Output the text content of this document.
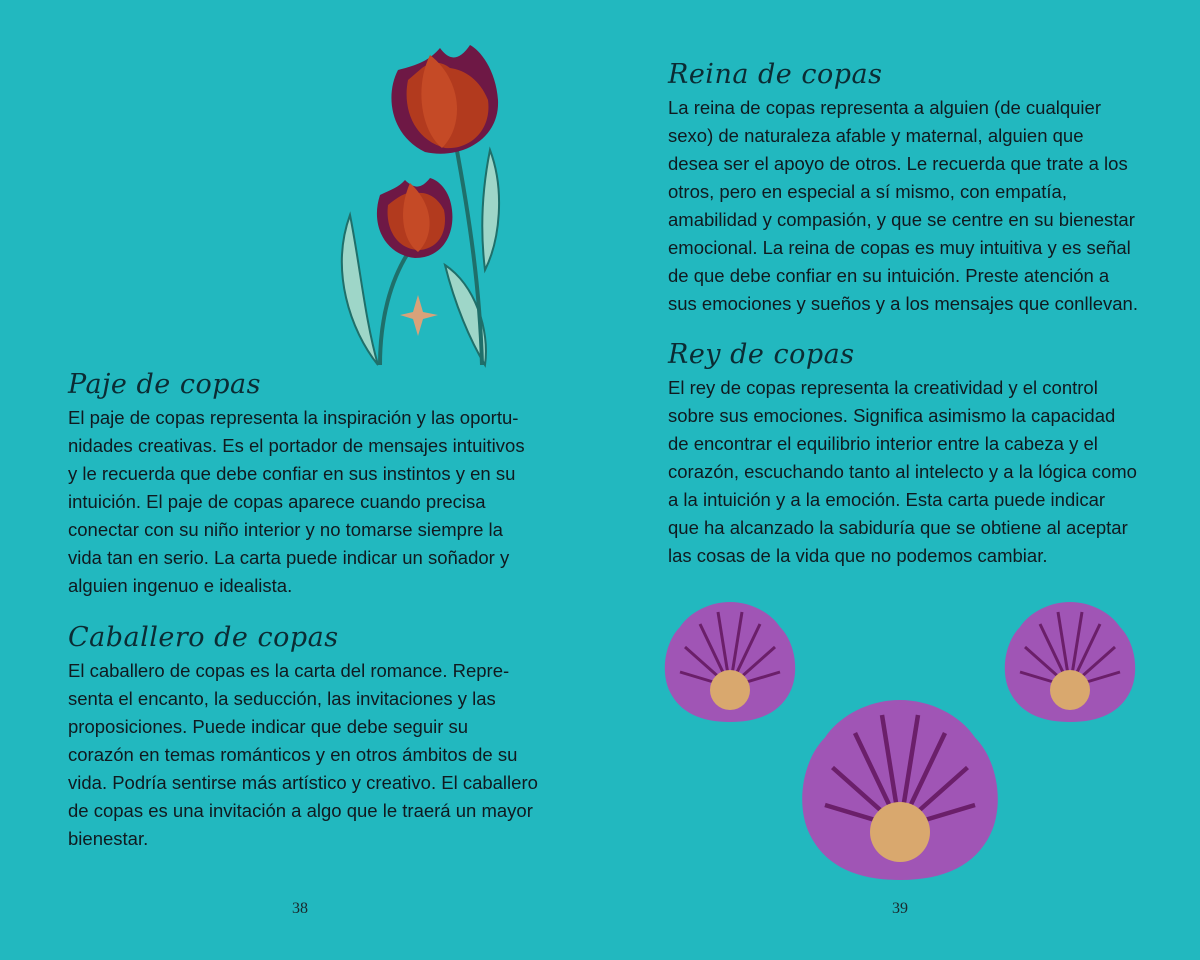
Paje de copas

El paje de copas representa la inspiración y las oportu-nidades creativas. Es el portador de mensajes intuitivos y le recuerda que debe confiar en sus instintos y en su intuición. El paje de copas aparece cuando precisa conectar con su niño interior y no tomarse siempre la vida tan en serio. La carta puede indicar un soñador y alguien ingenuo e idealista.

Caballero de copas

El caballero de copas es la carta del romance. Repre-senta el encanto, la seducción, las invitaciones y las proposiciones. Puede indicar que debe seguir su corazón en temas románticos y en otros ámbitos de su vida. Podría sentirse más artístico y creativo. El caballero de copas es una invitación a algo que le traerá un mayor bienestar.

38
Reina de copas

La reina de copas representa a alguien (de cualquier sexo) de naturaleza afable y maternal, alguien que desea ser el apoyo de otros. Le recuerda que trate a los otros, pero en especial a sí mismo, con empatía, amabilidad y compasión, y que se centre en su bienestar emocional. La reina de copas es muy intuitiva y es señal de que debe confiar en su intuición. Preste atención a sus emociones y sueños y a los mensajes que conllevan.

Rey de copas

El rey de copas representa la creatividad y el control sobre sus emociones. Significa asimismo la capacidad de encontrar el equilibrio interior entre la cabeza y el corazón, escuchando tanto al intelecto y a la lógica como a la intuición y a la emoción. Esta carta puede indicar que ha alcanzado la sabiduría que se obtiene al aceptar las cosas de la vida que no podemos cambiar.

39
